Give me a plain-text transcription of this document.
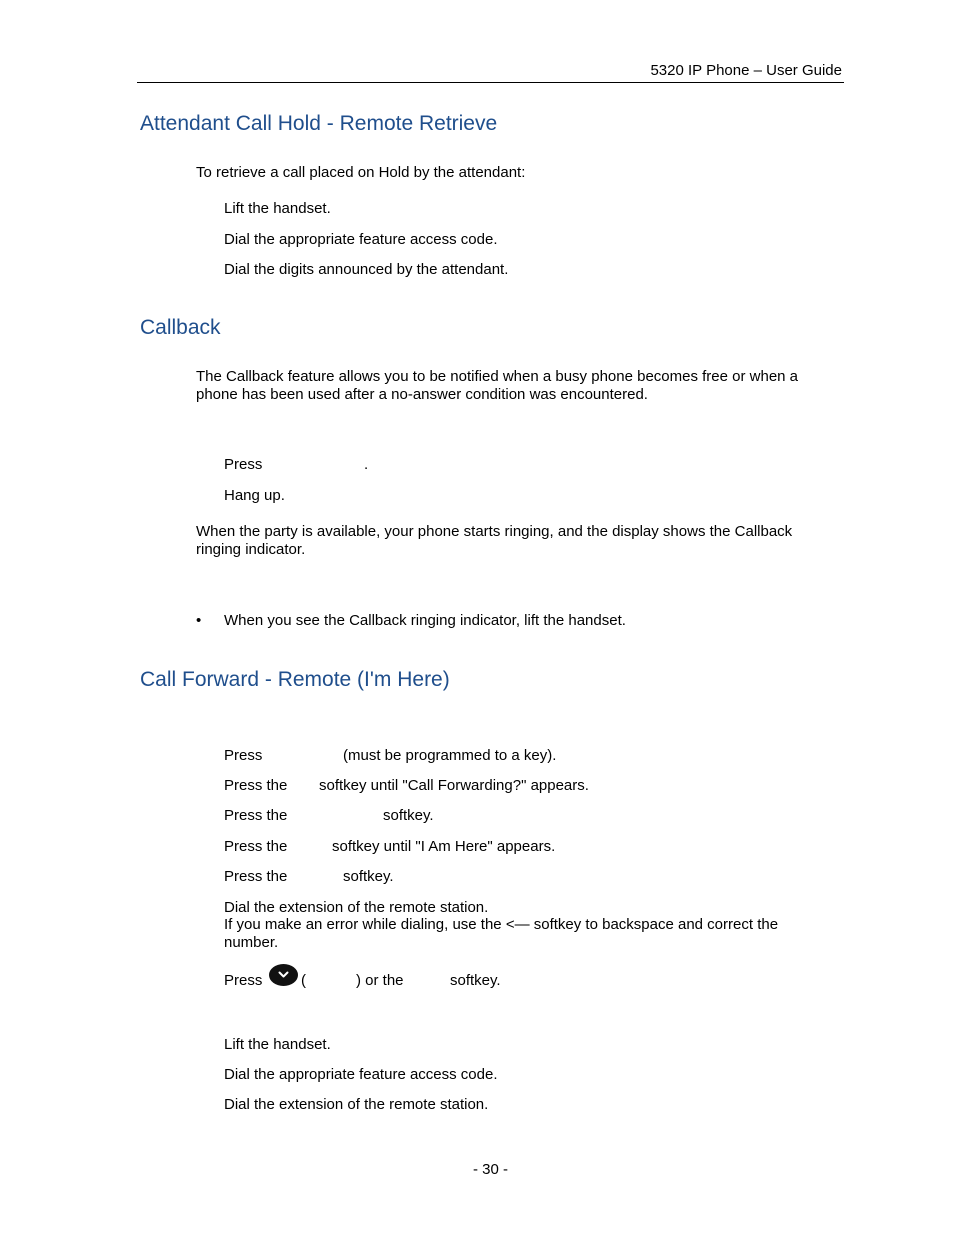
5320 IP Phone – User Guide
Attendant Call Hold - Remote Retrieve
To retrieve a call placed on Hold by the attendant:
Lift the handset.
Dial the appropriate feature access code.
Dial the digits announced by the attendant.
Callback
The Callback feature allows you to be notified when a busy phone becomes free or when a
phone has been used after a no-answer condition was encountered.
Press	.
Hang up.
When the party is available, your phone starts ringing, and the display shows the Callback
ringing indicator.
• When you see the Callback ringing indicator, lift the handset.
Call Forward - Remote (I'm Here)
Press	(must be programmed to a key).
Press the softkey until "Call Forwarding?" appears.
Press the	softkey.
Press the	softkey until "I Am Here" appears.
Press the	softkey.
Dial the extension of the remote station.
If you make an error while dialing, use the <— softkey to backspace and correct the
number.
Press	(	) or the	softkey.
Lift the handset.
Dial the appropriate feature access code.
Dial the extension of the remote station.
- 30 -
